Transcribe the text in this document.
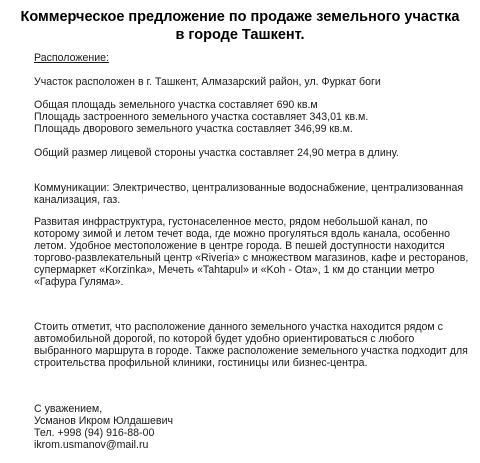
Коммерческое предложение по продаже земельного участка
в городе Ташкент.
Расположение:
Участок расположен в г. Ташкент, Алмазарский район, ул. Фуркат боги
Общая площадь земельного участка составляет 690 кв.м
Площадь застроенного земельного участка составляет 343,01 кв.м.
Площадь дворового земельного участка составляет 346,99 кв.м.
Общий размер лицевой стороны участка составляет 24,90 метра в длину.
Коммуникации: Электричество, централизованные водоснабжение, централизованная
канализация, газ.
Развитая инфраструктура, густонаселенное место, рядом небольшой канал, по
которому зимой и летом течет вода, где можно прогуляться вдоль канала, особенно
летом. Удобное местоположение в центре города. В пешей доступности находится
торгово-развлекательный центр «Riveria» с множеством магазинов, кафе и ресторанов,
супермаркет «Korzinka», Мечеть «Tahtapul» и «Koh - Ota», 1 км до станции метро
«Гафура Гуляма».
Стоить отметит, что расположение данного земельного участка находится рядом с
автомобильной дорогой, по которой будет удобно ориентироваться с любого
выбранного маршрута в городе. Также расположение земельного участка подходит для
строительства профильной клиники, гостиницы или бизнес-центра.
С уважением,
Усманов Икром Юлдашевич
Тел. +998 (94) 916-88-00
ikrom.usmanov@mail.ru
